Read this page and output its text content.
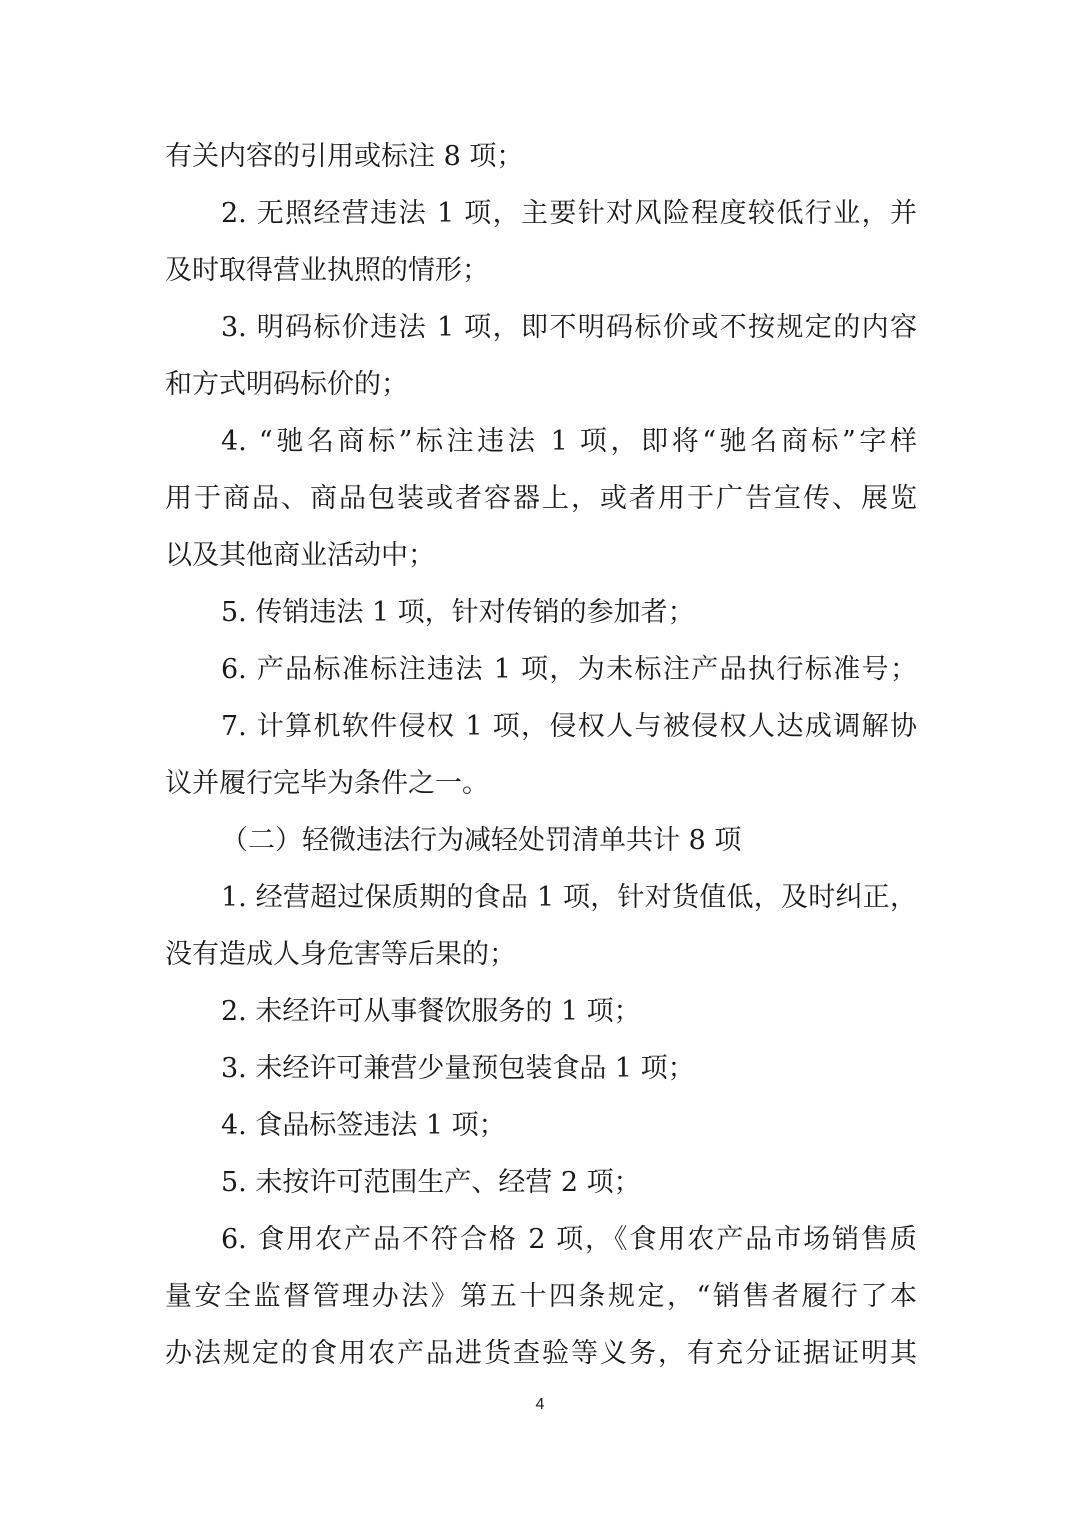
有关内容的引用或标注 8 项；
2. 无照经营违法 1 项，主要针对风险程度较低行业，并
及时取得营业执照的情形；
3. 明码标价违法 1 项，即不明码标价或不按规定的内容
和方式明码标价的；
4. “驰名商标”标注违法 1 项，即将“驰名商标”字样
用于商品、商品包装或者容器上，或者用于广告宣传、展览
以及其他商业活动中；
5. 传销违法 1 项，针对传销的参加者；
6. 产品标准标注违法 1 项，为未标注产品执行标准号；
7. 计算机软件侵权 1 项，侵权人与被侵权人达成调解协
议并履行完毕为条件之一。
（二）轻微违法行为减轻处罚清单共计 8 项
1. 经营超过保质期的食品 1 项，针对货值低，及时纠正，
没有造成人身危害等后果的；
2. 未经许可从事餐饮服务的 1 项；
3. 未经许可兼营少量预包装食品 1 项；
4. 食品标签违法 1 项；
5. 未按许可范围生产、经营 2 项；
6. 食用农产品不符合格 2 项，《食用农产品市场销售质
量安全监督管理办法》第五十四条规定，“销售者履行了本
办法规定的食用农产品进货查验等义务，有充分证据证明其
4
